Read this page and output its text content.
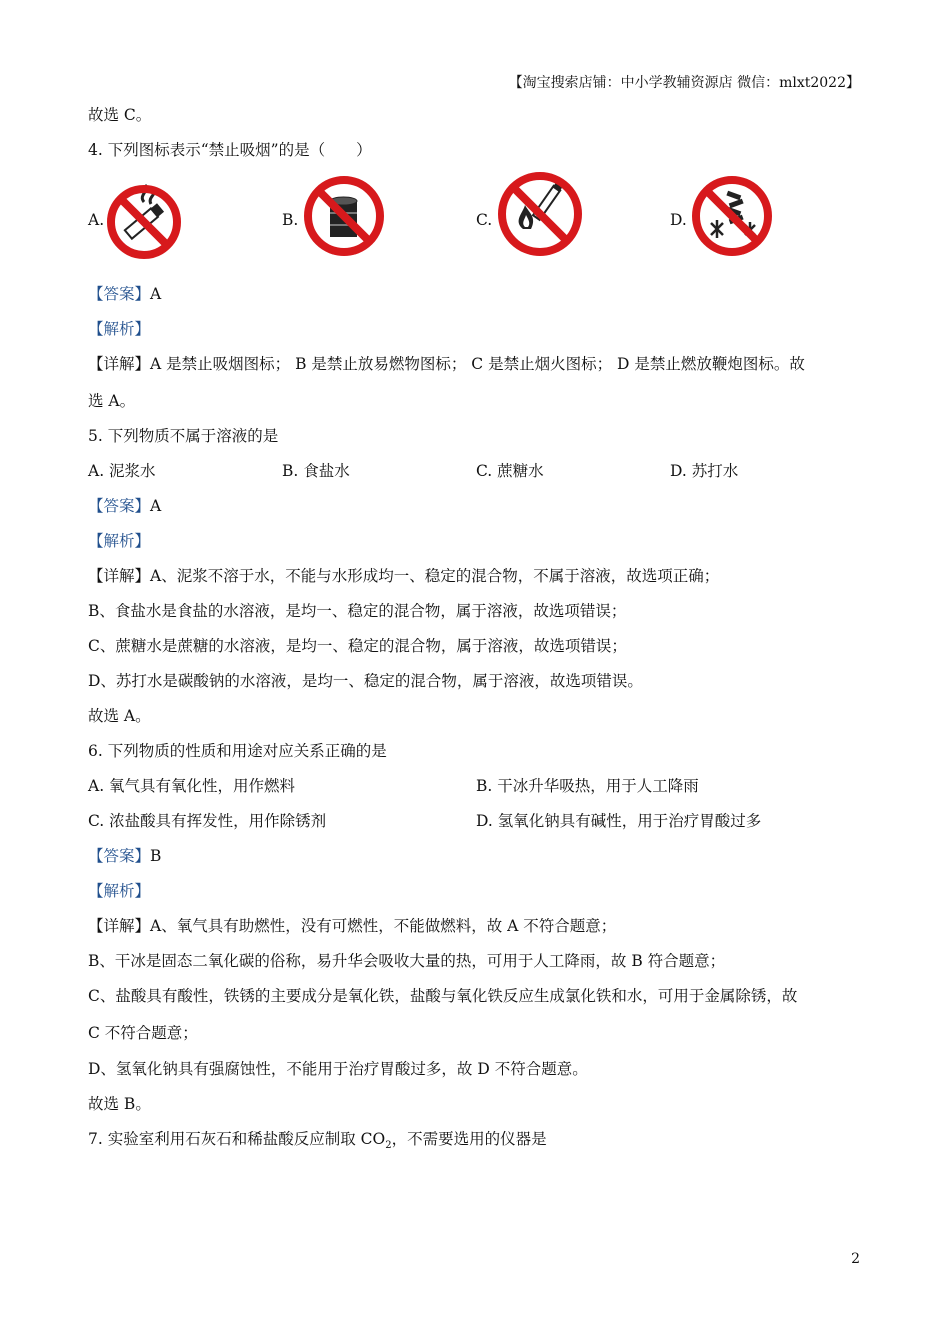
【淘宝搜索店铺：中小学教辅资源店 微信：mlxt2022】
故选 C。
4. 下列图标表示“禁止吸烟”的是（　　）
A.	B.	C.	D.
【答案】A
【解析】
【详解】A 是禁止吸烟图标； B 是禁止放易燃物图标； C 是禁止烟火图标； D 是禁止燃放鞭炮图标。故
选 A。
5. 下列物质不属于溶液的是
A. 泥浆水	B. 食盐水	C. 蔗糖水	D. 苏打水
【答案】A
【解析】
【详解】A、泥浆不溶于水，不能与水形成均一、稳定的混合物，不属于溶液，故选项正确；
B、食盐水是食盐的水溶液，是均一、稳定的混合物，属于溶液，故选项错误；
C、蔗糖水是蔗糖的水溶液，是均一、稳定的混合物，属于溶液，故选项错误；
D、苏打水是碳酸钠的水溶液，是均一、稳定的混合物，属于溶液，故选项错误。
故选 A。
6. 下列物质的性质和用途对应关系正确的是
A. 氧气具有氧化性，用作燃料	B. 干冰升华吸热，用于人工降雨
C. 浓盐酸具有挥发性，用作除锈剂	D. 氢氧化钠具有碱性，用于治疗胃酸过多
【答案】B
【解析】
【详解】A、氧气具有助燃性，没有可燃性，不能做燃料，故 A 不符合题意；
B、干冰是固态二氧化碳的俗称，易升华会吸收大量的热，可用于人工降雨，故 B 符合题意；
C、盐酸具有酸性，铁锈的主要成分是氧化铁，盐酸与氧化铁反应生成氯化铁和水，可用于金属除锈，故
C 不符合题意；
D、氢氧化钠具有强腐蚀性，不能用于治疗胃酸过多，故 D 不符合题意。
故选 B。
7. 实验室利用石灰石和稀盐酸反应制取 $CO_2$，不需要选用的仪器是
2
